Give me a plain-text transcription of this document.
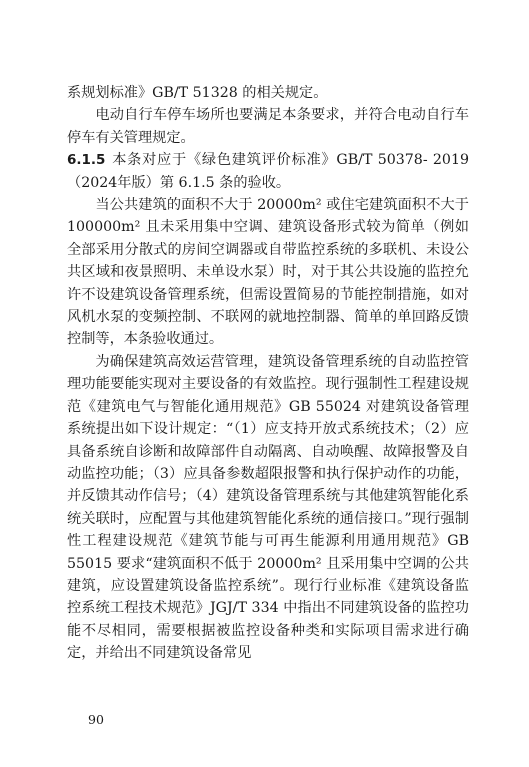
系规划标准》GB/T 51328 的相关规定。

电动自行车停车场所也要满足本条要求，并符合电动自行车停车有关管理规定。

6.1.5 本条对应于《绿色建筑评价标准》GB/T 50378- 2019（2024年版）第 6.1.5 条的验收。

当公共建筑的面积不大于 20000m² 或住宅建筑面积不大于100000m² 且未采用集中空调、建筑设备形式较为简单（例如全部采用分散式的房间空调器或自带监控系统的多联机、未设公共区域和夜景照明、未单设水泵）时，对于其公共设施的监控允许不设建筑设备管理系统，但需设置简易的节能控制措施，如对风机水泵的变频控制、不联网的就地控制器、简单的单回路反馈控制等，本条验收通过。

为确保建筑高效运营管理，建筑设备管理系统的自动监控管理功能要能实现对主要设备的有效监控。现行强制性工程建设规范《建筑电气与智能化通用规范》GB 55024 对建筑设备管理系统提出如下设计规定：“（1）应支持开放式系统技术；（2）应具备系统自诊断和故障部件自动隔离、自动唤醒、故障报警及自动监控功能；（3）应具备参数超限报警和执行保护动作的功能，并反馈其动作信号；（4）建筑设备管理系统与其他建筑智能化系统关联时，应配置与其他建筑智能化系统的通信接口。”现行强制性工程建设规范《建筑节能与可再生能源利用通用规范》GB 55015 要求“建筑面积不低于 20000m² 且采用集中空调的公共建筑，应设置建筑设备监控系统”。现行行业标准《建筑设备监控系统工程技术规范》JGJ/T 334 中指出不同建筑设备的监控功能不尽相同，需要根据被监控设备种类和实际项目需求进行确定，并给出不同建筑设备常见

90
